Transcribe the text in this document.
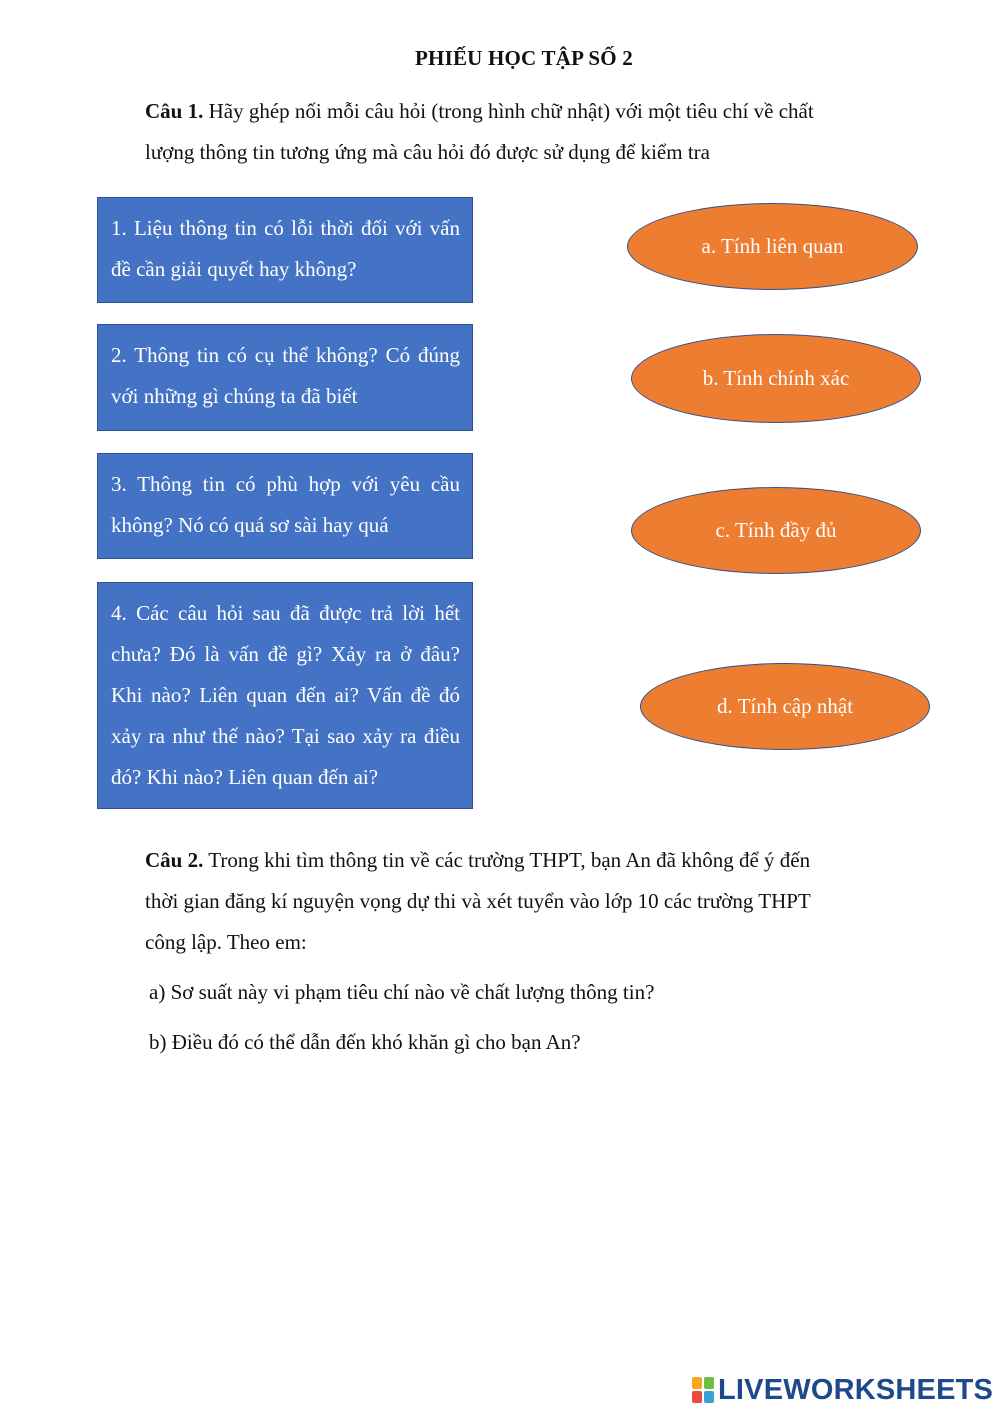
PHIẾU HỌC TẬP SỐ 2
Câu 1. Hãy ghép nối mỗi câu hỏi (trong hình chữ nhật) với một tiêu chí về chất
lượng thông tin tương ứng mà câu hỏi đó được sử dụng để kiểm tra
1. Liệu thông tin có lỗi thời đối với vấn đề cần giải quyết hay không?
2. Thông tin có cụ thể không? Có đúng với những gì chúng ta đã biết
3. Thông tin có phù hợp với yêu cầu không? Nó có quá sơ sài hay quá
4. Các câu hỏi sau đã được trả lời hết chưa? Đó là vấn đề gì? Xảy ra ở đâu? Khi nào? Liên quan đến ai? Vấn đề đó xảy ra như thế nào? Tại sao xảy ra điều đó? Khi nào? Liên quan đến ai?
a. Tính liên quan
b. Tính chính xác
c. Tính đầy đủ
d. Tính cập nhật
Câu 2. Trong khi tìm thông tin về các trường THPT, bạn An đã không để ý đến
thời gian đăng kí nguyện vọng dự thi và xét tuyển vào lớp 10 các trường THPT
công lập. Theo em:
a) Sơ suất này vi phạm tiêu chí nào về chất lượng thông tin?
b) Điều đó có thể dẫn đến khó khăn gì cho bạn An?
LIVEWORKSHEETS
